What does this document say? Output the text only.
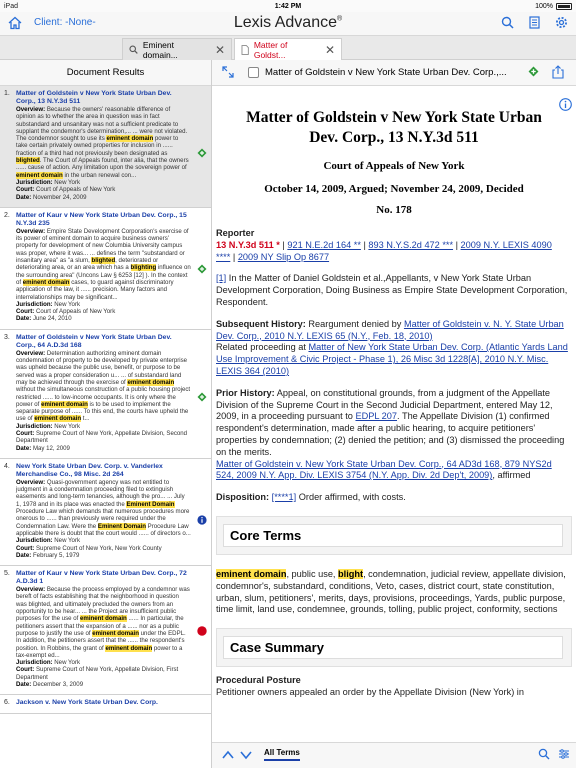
iPad	1:42 PM	100%
Client: -None-	Lexis Advance®
Eminent domain...	✕	Matter of Goldst...	✕
Document Results
1. Matter of Goldstein v New York State Urban Dev. Corp., 13 N.Y.3d 511
Overview: Because the owners' reasonable difference of opinion as to whether the area in question was in fact substandard and unsanitary was not a sufficient predicate to supplant the condemnor's determination,... ... were not violated. The condemnor sought to use its eminent domain power to take certain privately owned properties for inclusion in ...... fraction of a third had not previously been designated as blighted. The Court of Appeals found, inter alia, that the owners ...... cause of action. Any limitation upon the sovereign power of eminent domain in the urban renewal con...
Jurisdiction: New York
Court: Court of Appeals of New York
Date: November 24, 2009
2. Matter of Kaur v New York State Urban Dev. Corp., 15 N.Y.3d 235
Overview: Empire State Development Corporation's exercise of its power of eminent domain to acquire business owners' property for development of new Columbia University campus was proper, where it was... ... defines the term "substandard or insanitary area" as "a slum, blighted, deteriorated or deteriorating area, or an area which has a blighting influence on the surrounding area" (Uncons Law § 6253 [12] ). In the context of eminent domain cases, to guard against discriminatory application of the law, it ...... precision. Many factors and interrelationships may be significant...
Jurisdiction: New York
Court: Court of Appeals of New York
Date: June 24, 2010
3. Matter of Goldstein v New York State Urban Dev. Corp., 64 A.D.3d 168
Overview: Determination authorizing eminent domain condemnation of property to be developed by private enterprise was upheld because the public use, benefit, or purpose to be served was a proper consideration u... ... of substandard land may be achieved through the exercise of eminent domain without the simultaneous construction of a public housing project restricted ...... to low-income occupants. It is only where the power of eminent domain is to be used to implement the separate purpose of ...... To this end, the courts have upheld the use of eminent domain t...
Jurisdiction: New York
Court: Supreme Court of New York, Appellate Division, Second Department
Date: May 12, 2009
4. New York State Urban Dev. Corp. v. Vanderlex Merchandise Co., 98 Misc. 2d 264
Overview: Quasi-government agency was not entitled to judgment in a condemnation proceeding filed to extinguish easements and long-term tenancies, although the pro... ... July 1, 1978 and in its place was enacted the Eminent Domain Procedure Law which demands that numerous procedures more onerous to ...... than previously were required under the Condemnation Law. Were the Eminent Domain Procedure Law applicable there is doubt that the court would ...... of directors o...
Jurisdiction: New York
Court: Supreme Court of New York, New York County
Date: February 5, 1979
5. Matter of Kaur v New York State Urban Dev. Corp., 72 A.D.3d 1
Overview: Because the process employed by a condemnor was bereft of facts establishing that the neighborhood in question was blighted, and ultimately precluded the owners from an opportunity to be hear... ... the Project are insufficient public purposes for the use of eminent domain ...... In particular, the petitioners assert that the expansion of a ...... nor as a public purpose to justify the use of eminent domain under the EDPL. In addition, the petitioners assert that the ...... the respondent's position. In Robbins, the grant of eminent domain power to a tax-exempt ed...
Jurisdiction: New York
Court: Supreme Court of New York, Appellate Division, First Department
Date: December 3, 2009
6. Jackson v. New York State Urban Dev. Corp.
Matter of Goldstein v New York State Urban Dev. Corp.,...
Matter of Goldstein v New York State Urban Dev. Corp., 13 N.Y.3d 511
Court of Appeals of New York
October 14, 2009, Argued; November 24, 2009, Decided
No. 178
Reporter
13 N.Y.3d 511 * | 921 N.E.2d 164 ** | 893 N.Y.S.2d 472 *** | 2009 N.Y. LEXIS 4090 **** | 2009 NY Slip Op 8677
[1] In the Matter of Daniel Goldstein et al.,Appellants, v New York State Urban Development Corporation, Doing Business as Empire State Development Corporation, Respondent.
Subsequent History: Reargument denied by Matter of Goldstein v. N. Y. State Urban Dev. Corp., 2010 N.Y. LEXIS 65 (N.Y., Feb. 18, 2010)
Related proceeding at Matter of New York State Urban Dev. Corp. (Atlantic Yards Land Use Improvement & Civic Project - Phase 1), 26 Misc 3d 1228[A], 2010 N.Y. Misc. LEXIS 364 (2010)
Prior History: Appeal, on constitutional grounds, from a judgment of the Appellate Division of the Supreme Court in the Second Judicial Department, entered May 12, 2009, in a proceeding pursuant to EDPL 207. The Appellate Division (1) confirmed respondent's determination, made after a public hearing, to acquire petitioners' properties by condemnation; (2) denied the petition; and (3) dismissed the proceeding on the merits.
Matter of Goldstein v. New York State Urban Dev. Corp., 64 AD3d 168, 879 NYS2d 524, 2009 N.Y. App. Div. LEXIS 3754 (N.Y. App. Div. 2d Dep't, 2009), affirmed
Disposition: [****1] Order affirmed, with costs.
Core Terms
eminent domain, public use, blight, condemnation, judicial review, appellate division, condemnor's, substandard, conditions, Veto, cases, district court, state constitution, urban, slum, petitioners', merits, days, provisions, proceedings, Yards, public purpose, time limit, land use, condemnee, grounds, tolling, public project, conformity, sections
Case Summary
Procedural Posture
Petitioner owners appealed an order by the Appellate Division (New York) in
All Terms
